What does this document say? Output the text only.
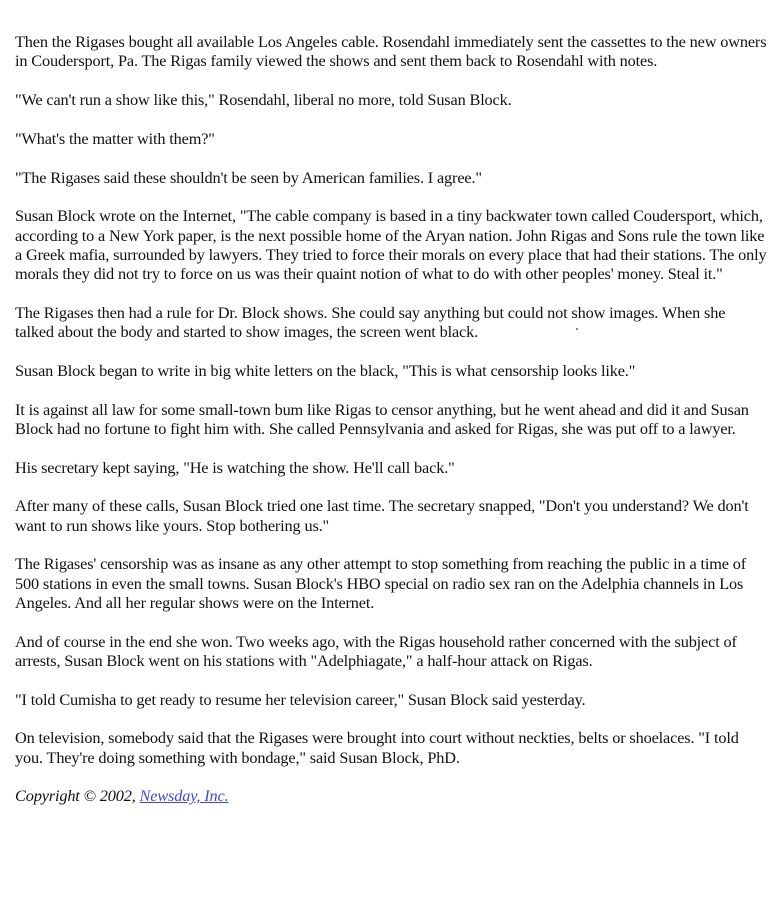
Then the Rigases bought all available Los Angeles cable. Rosendahl immediately sent the cassettes to the new owners in Coudersport, Pa. The Rigas family viewed the shows and sent them back to Rosendahl with notes.

"We can't run a show like this," Rosendahl, liberal no more, told Susan Block.

"What's the matter with them?"

"The Rigases said these shouldn't be seen by American families. I agree."

Susan Block wrote on the Internet, "The cable company is based in a tiny backwater town called Coudersport, which, according to a New York paper, is the next possible home of the Aryan nation. John Rigas and Sons rule the town like a Greek mafia, surrounded by lawyers. They tried to force their morals on every place that had their stations. The only morals they did not try to force on us was their quaint notion of what to do with other peoples' money. Steal it."

The Rigases then had a rule for Dr. Block shows. She could say anything but could not show images. When she talked about the body and started to show images, the screen went black.

Susan Block began to write in big white letters on the black, "This is what censorship looks like."

It is against all law for some small-town bum like Rigas to censor anything, but he went ahead and did it and Susan Block had no fortune to fight him with. She called Pennsylvania and asked for Rigas, she was put off to a lawyer.

His secretary kept saying, "He is watching the show. He'll call back."

After many of these calls, Susan Block tried one last time. The secretary snapped, "Don't you understand? We don't want to run shows like yours. Stop bothering us."

The Rigases' censorship was as insane as any other attempt to stop something from reaching the public in a time of 500 stations in even the small towns. Susan Block's HBO special on radio sex ran on the Adelphia channels in Los Angeles. And all her regular shows were on the Internet.

And of course in the end she won. Two weeks ago, with the Rigas household rather concerned with the subject of arrests, Susan Block went on his stations with "Adelphiagate," a half-hour attack on Rigas.

"I told Cumisha to get ready to resume her television career," Susan Block said yesterday.

On television, somebody said that the Rigases were brought into court without neckties, belts or shoelaces. "I told you. They're doing something with bondage," said Susan Block, PhD.

Copyright © 2002, Newsday, Inc.
